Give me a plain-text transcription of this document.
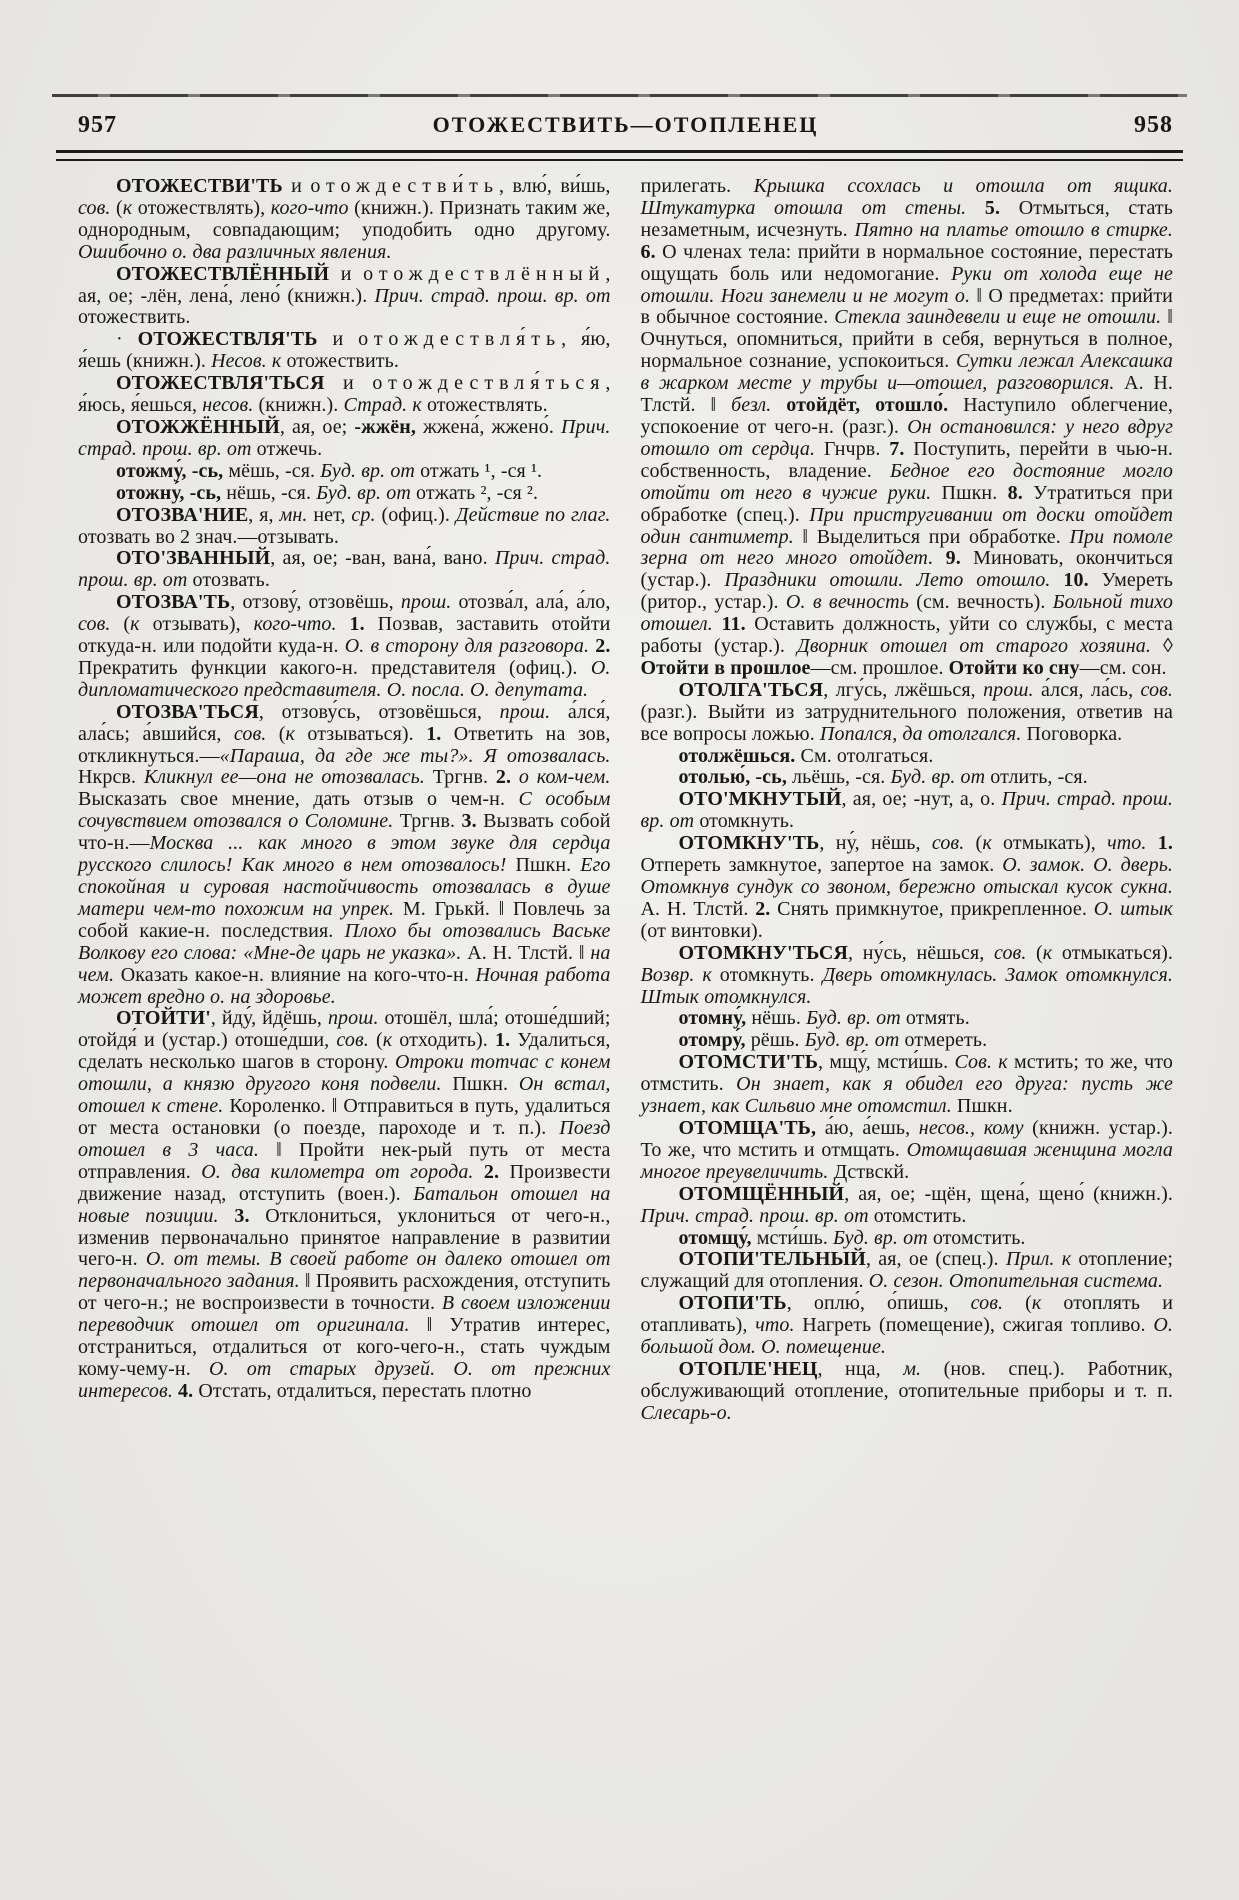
957	ОТОЖЕСТВИТЬ—ОТОПЛЕНЕЦ	958

ОТОЖЕСТВИ'ТЬ и отождестви́ть, влю́, ви́шь, сов. (к отожествлять), кого-что (книжн.). Признать таким же, однородным, совпадающим; уподобить одно другому. Ошибочно о. два различных явления.

ОТОЖЕСТВЛЁННЫЙ и отождествлённый, ая, ое; -лён, лена́, лено́ (книжн.). Прич. страд. прош. вр. от отожествить.

· ОТОЖЕСТВЛЯ'ТЬ и отождествля́ть, я́ю, я́ешь (книжн.). Несов. к отожествить.

ОТОЖЕСТВЛЯ'ТЬСЯ и отождествля́ться, я́юсь, я́ешься, несов. (книжн.). Страд. к отожествлять.

ОТОЖЖЁННЫЙ, ая, ое; -жжён, жжена́, жжено́. Прич. страд. прош. вр. от отжечь.

отожму́, -сь, мёшь, -ся. Буд. вр. от отжать ¹, -ся ¹.

отожну́, -сь, нёшь, -ся. Буд. вр. от отжать ², -ся ².

ОТОЗВА'НИЕ, я, мн. нет, ср. (офиц.). Действие по глаг. отозвать во 2 знач.—отзывать.

ОТО'ЗВАННЫЙ, ая, ое; -ван, вана́, вано. Прич. страд. прош. вр. от отозвать.

ОТОЗВА'ТЬ, отзову́, отзовёшь, прош. отозва́л, ала́, а́ло, сов. (к отзывать), кого-что. 1. Позвав, заставить отойти откуда-н. или подойти куда-н. О. в сторону для разговора. 2. Прекратить функции какого-н. представителя (офиц.). О. дипломатического представителя. О. посла. О. депутата.

ОТОЗВА'ТЬСЯ, отзову́сь, отзовёшься, прош. а́лся́, ала́сь; а́вшийся, сов. (к отзываться). 1. Ответить на зов, откликнуться.—«Параша, да где же ты?». Я отозвалась. Нкрсв. Кликнул ее—она не отозвалась. Тргнв. 2. о ком-чем. Высказать свое мнение, дать отзыв о чем-н. С особым сочувствием отозвался о Соломине. Тргнв. 3. Вызвать собой что-н.—Москва ... как много в этом звуке для сердца русского слилось! Как много в нем отозвалось! Пшкн. Его спокойная и суровая настойчивость отозвалась в душе матери чем-то похожим на упрек. М. Грькй. ‖ Повлечь за собой какие-н. последствия. Плохо бы отозвались Ваське Волкову его слова: «Мне-де царь не указка». А. Н. Тлстй. ‖ на чем. Оказать какое-н. влияние на кого-что-н. Ночная работа может вредно о. на здоровье.

ОТОЙТИ', йду́, йдёшь, прош. отошёл, шла́; отоше́дший; отойдя́ и (устар.) отоше́дши, сов. (к отходить). 1. Удалиться, сделать несколько шагов в сторону. Отроки тотчас с конем отошли, а князю другого коня подвели. Пшкн. Он встал, отошел к стене. Короленко. ‖ Отправиться в путь, удалиться от места остановки (о поезде, пароходе и т. п.). Поезд отошел в 3 часа. ‖ Пройти нек-рый путь от места отправления. О. два километра от города. 2. Произвести движение назад, отступить (воен.). Батальон отошел на новые позиции. 3. Отклониться, уклониться от чего-н., изменив первоначально принятое направление в развитии чего-н. О. от темы. В своей работе он далеко отошел от первоначального задания. ‖ Проявить расхождения, отступить от чего-н.; не воспроизвести в точности. В своем изложении переводчик отошел от оригинала. ‖ Утратив интерес, отстраниться, отдалиться от кого-чего-н., стать чуждым кому-чему-н. О. от старых друзей. О. от прежних интересов. 4. Отстать, отдалиться, перестать плотно

прилегать. Крышка ссохлась и отошла от ящика. Штукатурка отошла от стены. 5. Отмыться, стать незаметным, исчезнуть. Пятно на платье отошло в стирке. 6. О членах тела: прийти в нормальное состояние, перестать ощущать боль или недомогание. Руки от холода еще не отошли. Ноги занемели и не могут о. ‖ О предметах: прийти в обычное состояние. Стекла заиндевели и еще не отошли. ‖ Очнуться, опомниться, прийти в себя, вернуться в полное, нормальное сознание, успокоиться. Сутки лежал Алексашка в жарком месте у трубы и—отошел, разговорился. А. Н. Тлстй. ‖ безл. отойдёт, отошло́. Наступило облегчение, успокоение от чего-н. (разг.). Он остановился: у него вдруг отошло от сердца. Гнчрв. 7. Поступить, перейти в чью-н. собственность, владение. Бедное его достояние могло отойти от него в чужие руки. Пшкн. 8. Утратиться при обработке (спец.). При пристругивании от доски отойдет один сантиметр. ‖ Выделиться при обработке. При помоле зерна от него много отойдет. 9. Миновать, окончиться (устар.). Праздники отошли. Лето отошло. 10. Умереть (ритор., устар.). О. в вечность (см. вечность). Больной тихо отошел. 11. Оставить должность, уйти со службы, с места работы (устар.). Дворник отошел от старого хозяина. ◊ Отойти в прошлое—см. прошлое. Отойти ко сну—см. сон.

ОТОЛГА'ТЬСЯ, лгу́сь, лжёшься, прош. а́лся, ла́сь, сов. (разг.). Выйти из затруднительного положения, ответив на все вопросы ложью. Попался, да отолгался. Поговорка.

отолжёшься. См. отолгаться.

отолью́, -сь, льёшь, -ся. Буд. вр. от отлить, -ся.

ОТО'МКНУТЫЙ, ая, ое; -нут, а, о. Прич. страд. прош. вр. от отомкнуть.

ОТОМКНУ'ТЬ, ну́, нёшь, сов. (к отмыкать), что. 1. Отпереть замкнутое, запертое на замок. О. замок. О. дверь. Отомкнув сундук со звоном, бережно отыскал кусок сукна. А. Н. Тлстй. 2. Снять примкнутое, прикрепленное. О. штык (от винтовки).

ОТОМКНУ'ТЬСЯ, ну́сь, нёшься, сов. (к отмыкаться). Возвр. к отомкнуть. Дверь отомкнулась. Замок отомкнулся. Штык отомкнулся.

отомну́, нёшь. Буд. вр. от отмять.

отомру́, рёшь. Буд. вр. от отмереть.

ОТОМСТИ'ТЬ, мщу́, мсти́шь. Сов. к мстить; то же, что отмстить. Он знает, как я обидел его друга: пусть же узнает, как Сильвио мне отомстил. Пшкн.

ОТОМЩА'ТЬ, а́ю, а́ешь, несов., кому (книжн. устар.). То же, что мстить и отмщать. Отомщавшая женщина могла многое преувеличить. Дствскй.

ОТОМЩЁННЫЙ, ая, ое; -щён, щена́, щено́ (книжн.). Прич. страд. прош. вр. от отомстить.

отомщу́, мсти́шь. Буд. вр. от отомстить.

ОТОПИ'ТЕЛЬНЫЙ, ая, ое (спец.). Прил. к отопление; служащий для отопления. О. сезон. Отопительная система.

ОТОПИ'ТЬ, оплю́, о́пишь, сов. (к отоплять и отапливать), что. Нагреть (помещение), сжигая топливо. О. большой дом. О. помещение.

ОТОПЛЕ'НЕЦ, нца, м. (нов. спец.). Работник, обслуживающий отопление, отопительные приборы и т. п. Слесарь-о.
